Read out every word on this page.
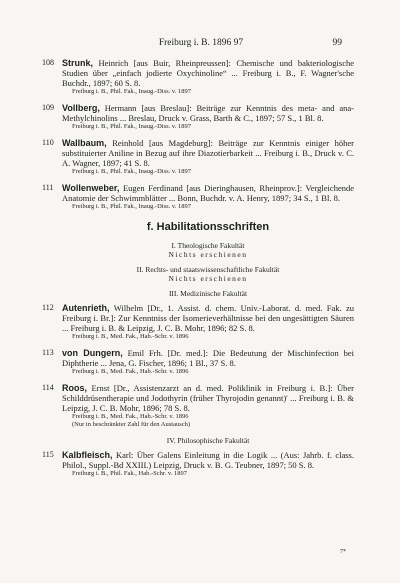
Freiburg i. B. 1896 97	99
108 Strunk, Heinrich [aus Buir, Rheinpreussen]: Chemische und bakteriologische Studien über „einfach jodierte Oxychinoline“ ... Freiburg i. B., F. Wagner'sche Buchdr., 1897; 60 S. 8.
Freiburg i. B., Phil. Fak., Inaug.-Diss. v. 1897
109 Vollberg, Hermann [aus Breslau]: Beiträge zur Kenntnis des meta- and ana-Methylchinolins ... Breslau, Druck v. Grass, Barth & C., 1897; 57 S., 1 Bl. 8.
Freiburg i. B., Phil. Fak., Inaug.-Diss. v. 1897
110 Wallbaum, Reinhold [aus Magdeburg]: Beiträge zur Kenntnis einiger höher substituierter Aniline in Bezug auf ihre Diazotierbarkeit ... Freiburg i. B., Druck v. C. A. Wagner, 1897; 41 S. 8.
Freiburg i. B., Phil. Fak., Inaug.-Diss. v. 1897
111 Wollenweber, Eugen Ferdinand [aus Dieringhausen, Rheinprov.]: Vergleichende Anatomie der Schwimmblätter ... Bonn, Buchdr. v. A. Henry, 1897; 34 S., 1 Bl. 8.
Freiburg i. B., Phil. Fak., Inaug.-Diss. v. 1897
f. Habilitationsschriften
I. Theologische Fakultät
Nichts erschienen
II. Rechts- und staatswissenschaftliche Fakultät
Nichts erschienen
III. Medizinische Fakultät
112 Autenrieth, Wilhelm [Dr., 1. Assist. d. chem. Univ.-Laborat. d. med. Fak. zu Freiburg i. Br.]: Zur Kenntniss der Isomerieverhältnisse bei den ungesättigten Säuren ... Freiburg i. B. & Leipzig, J. C. B. Mohr, 1896; 82 S. 8.
Freiburg i. B., Med. Fak., Hab.-Schr. v. 1896
113 von Dungern, Emil Frh. [Dr. med.]: Die Bedeutung der Mischinfection bei Diphtherie ... Jena, G. Fischer, 1896; 1 Bl., 37 S. 8.
Freiburg i. B., Med. Fak., Hab.-Schr. v. 1896
114 Roos, Ernst [Dr., Assistenzarzt an d. med. Poliklinik in Freiburg i. B.]: Über Schilddrüsentherapie und Jodothyrin (früher Thyrojodin genannt)' ... Freiburg i. B. & Leipzig, J. C. B. Mohr, 1896; 78 S. 8.
Freiburg i. B., Med. Fak., Hab.-Schr. v. 1896
(Nur in beschränkter Zahl für den Austausch)
IV. Philosophische Fakultät
115 Kalbfleisch, Karl: Über Galens Einleitung in die Logik ... (Aus: Jahrb. f. class. Philol., Suppl.-Bd XXIII.) Leipzig, Druck v. B. G. Teubner, 1897; 50 S. 8.
Freiburg i. B., Phil. Fak., Hab.-Schr. v. 1897
7*
